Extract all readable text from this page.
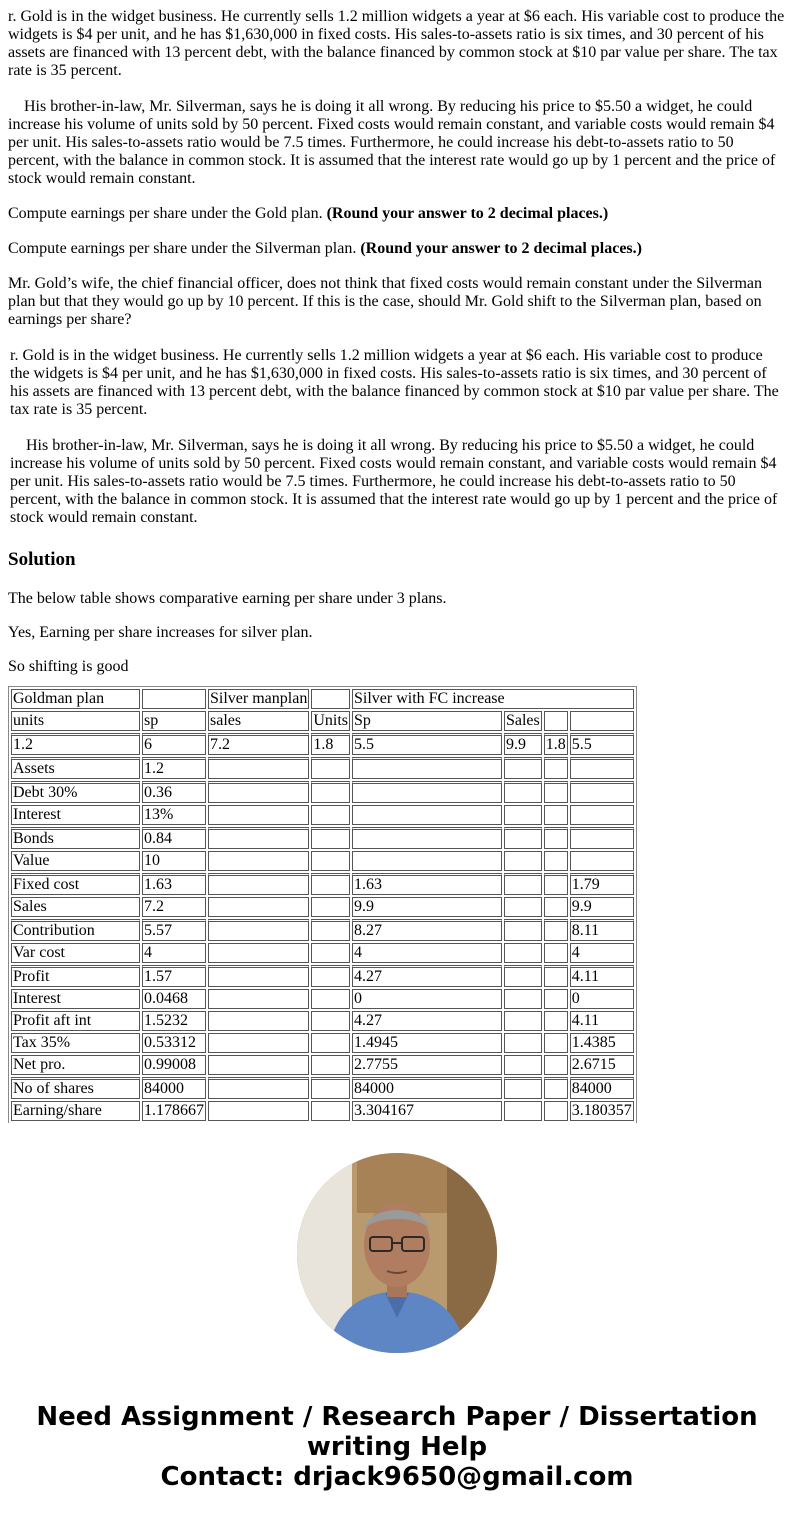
r. Gold is in the widget business. He currently sells 1.2 million widgets a year at $6 each. His variable cost to produce the widgets is $4 per unit, and he has $1,630,000 in fixed costs. His sales-to-assets ratio is six times, and 30 percent of his assets are financed with 13 percent debt, with the balance financed by common stock at $10 par value per share. The tax rate is 35 percent.

His brother-in-law, Mr. Silverman, says he is doing it all wrong. By reducing his price to $5.50 a widget, he could increase his volume of units sold by 50 percent. Fixed costs would remain constant, and variable costs would remain $4 per unit. His sales-to-assets ratio would be 7.5 times. Furthermore, he could increase his debt-to-assets ratio to 50 percent, with the balance in common stock. It is assumed that the interest rate would go up by 1 percent and the price of stock would remain constant.

Compute earnings per share under the Gold plan. (Round your answer to 2 decimal places.)

Compute earnings per share under the Silverman plan. (Round your answer to 2 decimal places.)

Mr. Gold’s wife, the chief financial officer, does not think that fixed costs would remain constant under the Silverman plan but that they would go up by 10 percent. If this is the case, should Mr. Gold shift to the Silverman plan, based on earnings per share?

r. Gold is in the widget business. He currently sells 1.2 million widgets a year at $6 each. His variable cost to produce the widgets is $4 per unit, and he has $1,630,000 in fixed costs. His sales-to-assets ratio is six times, and 30 percent of his assets are financed with 13 percent debt, with the balance financed by common stock at $10 par value per share. The tax rate is 35 percent.

His brother-in-law, Mr. Silverman, says he is doing it all wrong. By reducing his price to $5.50 a widget, he could increase his volume of units sold by 50 percent. Fixed costs would remain constant, and variable costs would remain $4 per unit. His sales-to-assets ratio would be 7.5 times. Furthermore, he could increase his debt-to-assets ratio to 50 percent, with the balance in common stock. It is assumed that the interest rate would go up by 1 percent and the price of stock would remain constant.

Solution

The below table shows comparative earning per share under 3 plans.

Yes, Earning per share increases for silver plan.

So shifting is good

Goldman plan		Silver manplan		Silver with FC increase			
units	sp	sales	Units	Sp	Sales		
1.2	6	7.2	1.8	5.5	9.9	1.8	5.5
Assets	1.2						
Debt 30%	0.36						
Interest	13%						
Bonds	0.84						
Value	10						
Fixed cost	1.63			1.63			1.79
Sales	7.2			9.9			9.9
Contribution	5.57			8.27			8.11
Var cost	4			4			4
Profit	1.57			4.27			4.11
Interest	0.0468			0			0
Profit aft int	1.5232			4.27			4.11
Tax 35%	0.53312			1.4945			1.4385
Net pro.	0.99008			2.7755			2.6715
No of shares	84000			84000			84000
Earning/share	1.178667			3.304167			3.180357
Need Assignment / Research Paper / Dissertation
writing Help
Contact: drjack9650@gmail.com
